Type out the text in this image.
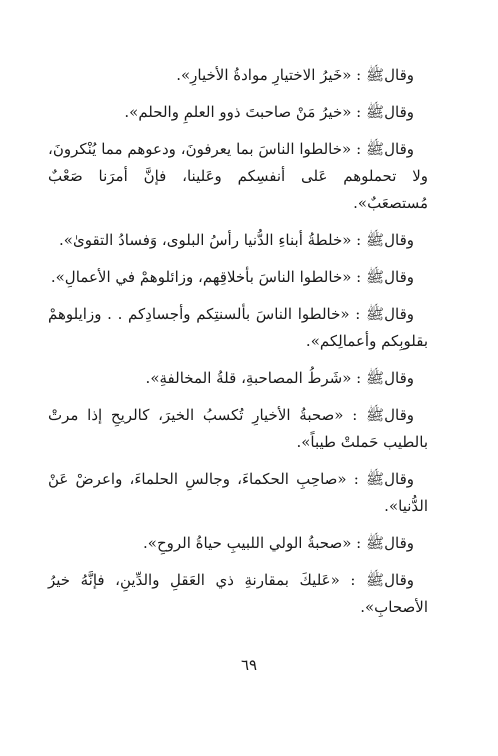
وقالﷺ : «خَيرُ الاختيارِ موادةُ الأخيارِ».

وقالﷺ : «خيرُ مَنْ صاحبتَ ذوو العلمِ والحلم».

وقالﷺ : «خالطوا الناسَ بما يعرفونَ، ودعوهم مما يُنْكرونَ، ولا تحملوهم عَلى أنفسِكم وعَلينا، فإنَّ أمرَنا صَعْبٌ مُستصعَبٌ».

وقالﷺ : «خلطةُ أبناءِ الدُّنيا رأسُ البلوى، وَفسادُ التقوىٰ».

وقالﷺ : «خالطوا الناسَ بأخلاقِهم، وزائلوهمْ في الأعمالِ».

وقالﷺ : «خالطوا الناسَ بألسنتِكم وأجسادِكم . . وزايلوهمْ بقلوبِكم وأعمالِكم».

وقالﷺ : «شَرطُ المصاحبةِ، قلةُ المخالفةِ».

وقالﷺ : «صحبةُ الأخيارِ تُكسبُ الخيرَ، كالريحِ إذا مرتْ بالطيب حَملتْ طيباً».

وقالﷺ : «صاحِبِ الحكماءَ، وجالسِ الحلماءَ، واعرضْ عَنْ الدُّنيا».

وقالﷺ : «صحبةُ الولي اللبيبِ حياةُ الروحِ».

وقالﷺ : «عَليكَ بمقارنةِ ذي العَقلِ والدِّينِ، فإنَّهُ خيرُ الأصحابِ».

٦٩
